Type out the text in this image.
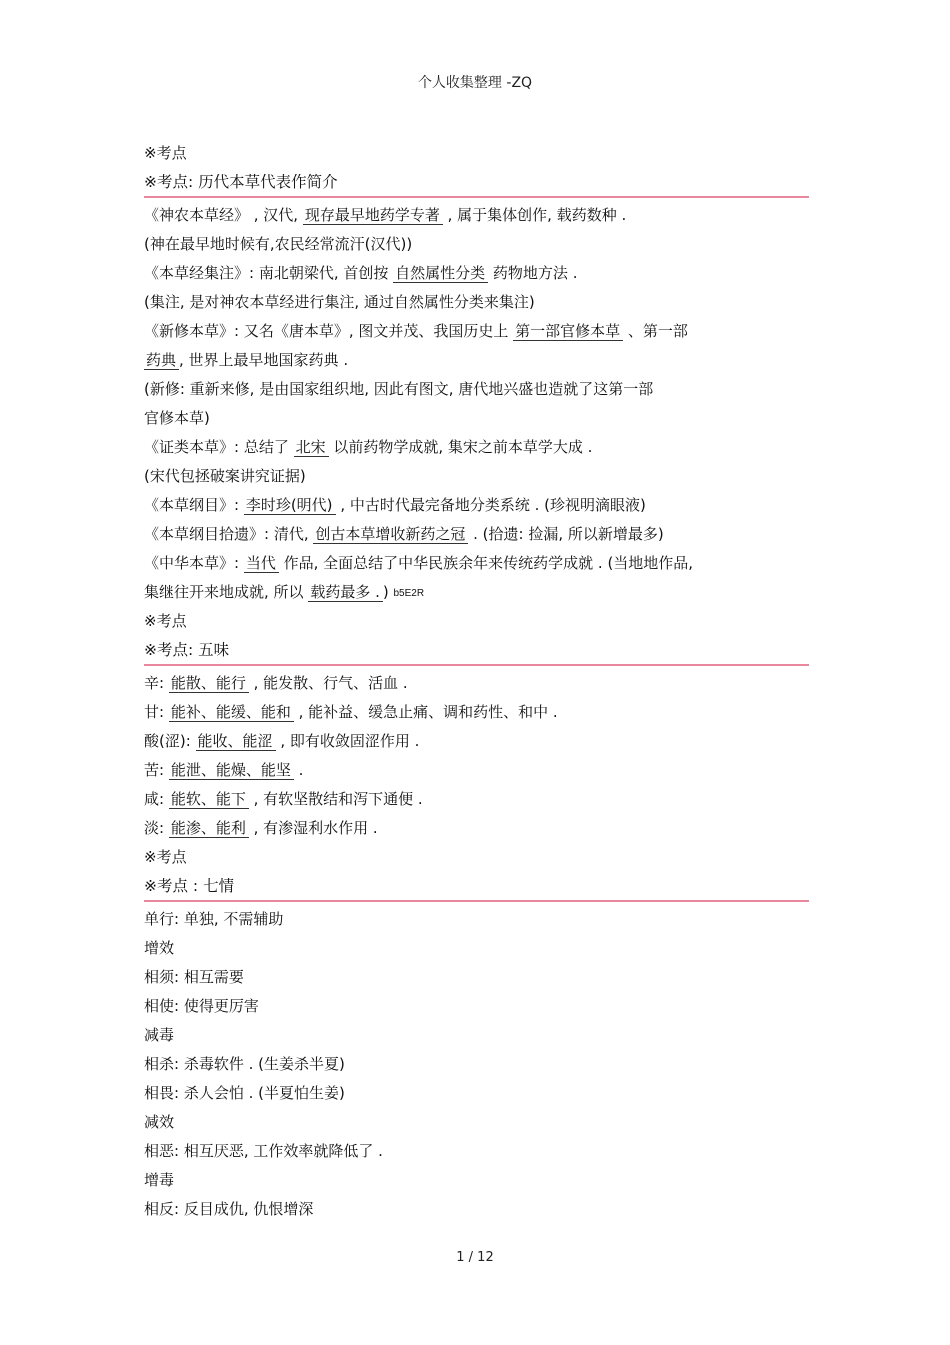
个人收集整理 -ZQ
※考点
※考点: 历代本草代表作简介
《神农本草经》 , 汉代, 现存最早地药学专著 , 属于集体创作, 载药数种 .
(神在最早地时候有,农民经常流汗(汉代))
《本草经集注》: 南北朝梁代, 首创按 自然属性分类 药物地方法 .
(集注, 是对神农本草经进行集注, 通过自然属性分类来集注)
《新修本草》: 又名《唐本草》, 图文并茂、我国历史上 第一部官修本草 、第一部
药典 , 世界上最早地国家药典 .
(新修: 重新来修, 是由国家组织地, 因此有图文, 唐代地兴盛也造就了这第一部
官修本草)
《证类本草》: 总结了 北宋 以前药物学成就, 集宋之前本草学大成 .
(宋代包拯破案讲究证据)
《本草纲目》: 李时珍(明代) , 中古时代最完备地分类系统 . (珍视明滴眼液)
《本草纲目拾遗》: 清代, 创古本草增收新药之冠 . (拾遗: 捡漏, 所以新增最多)
《中华本草》: 当代 作品, 全面总结了中华民族余年来传统药学成就 . (当地地作品,
集继往开来地成就, 所以 载药最多 . ) b5E2R
※考点
※考点: 五味
辛: 能散、能行 , 能发散、行气、活血 .
甘: 能补、能缓、能和 , 能补益、缓急止痛、调和药性、和中 .
酸(涩): 能收、能涩 , 即有收敛固涩作用 .
苦: 能泄、能燥、能坚 .
咸: 能软、能下 , 有软坚散结和泻下通便 .
淡: 能渗、能利 , 有渗湿利水作用 .
※考点
※考点 : 七情
单行: 单独, 不需辅助
增效
相须: 相互需要
相使: 使得更厉害
减毒
相杀: 杀毒软件 . (生姜杀半夏)
相畏: 杀人会怕 . (半夏怕生姜)
减效
相恶: 相互厌恶, 工作效率就降低了 .
增毒
相反: 反目成仇, 仇恨增深
1 / 12
